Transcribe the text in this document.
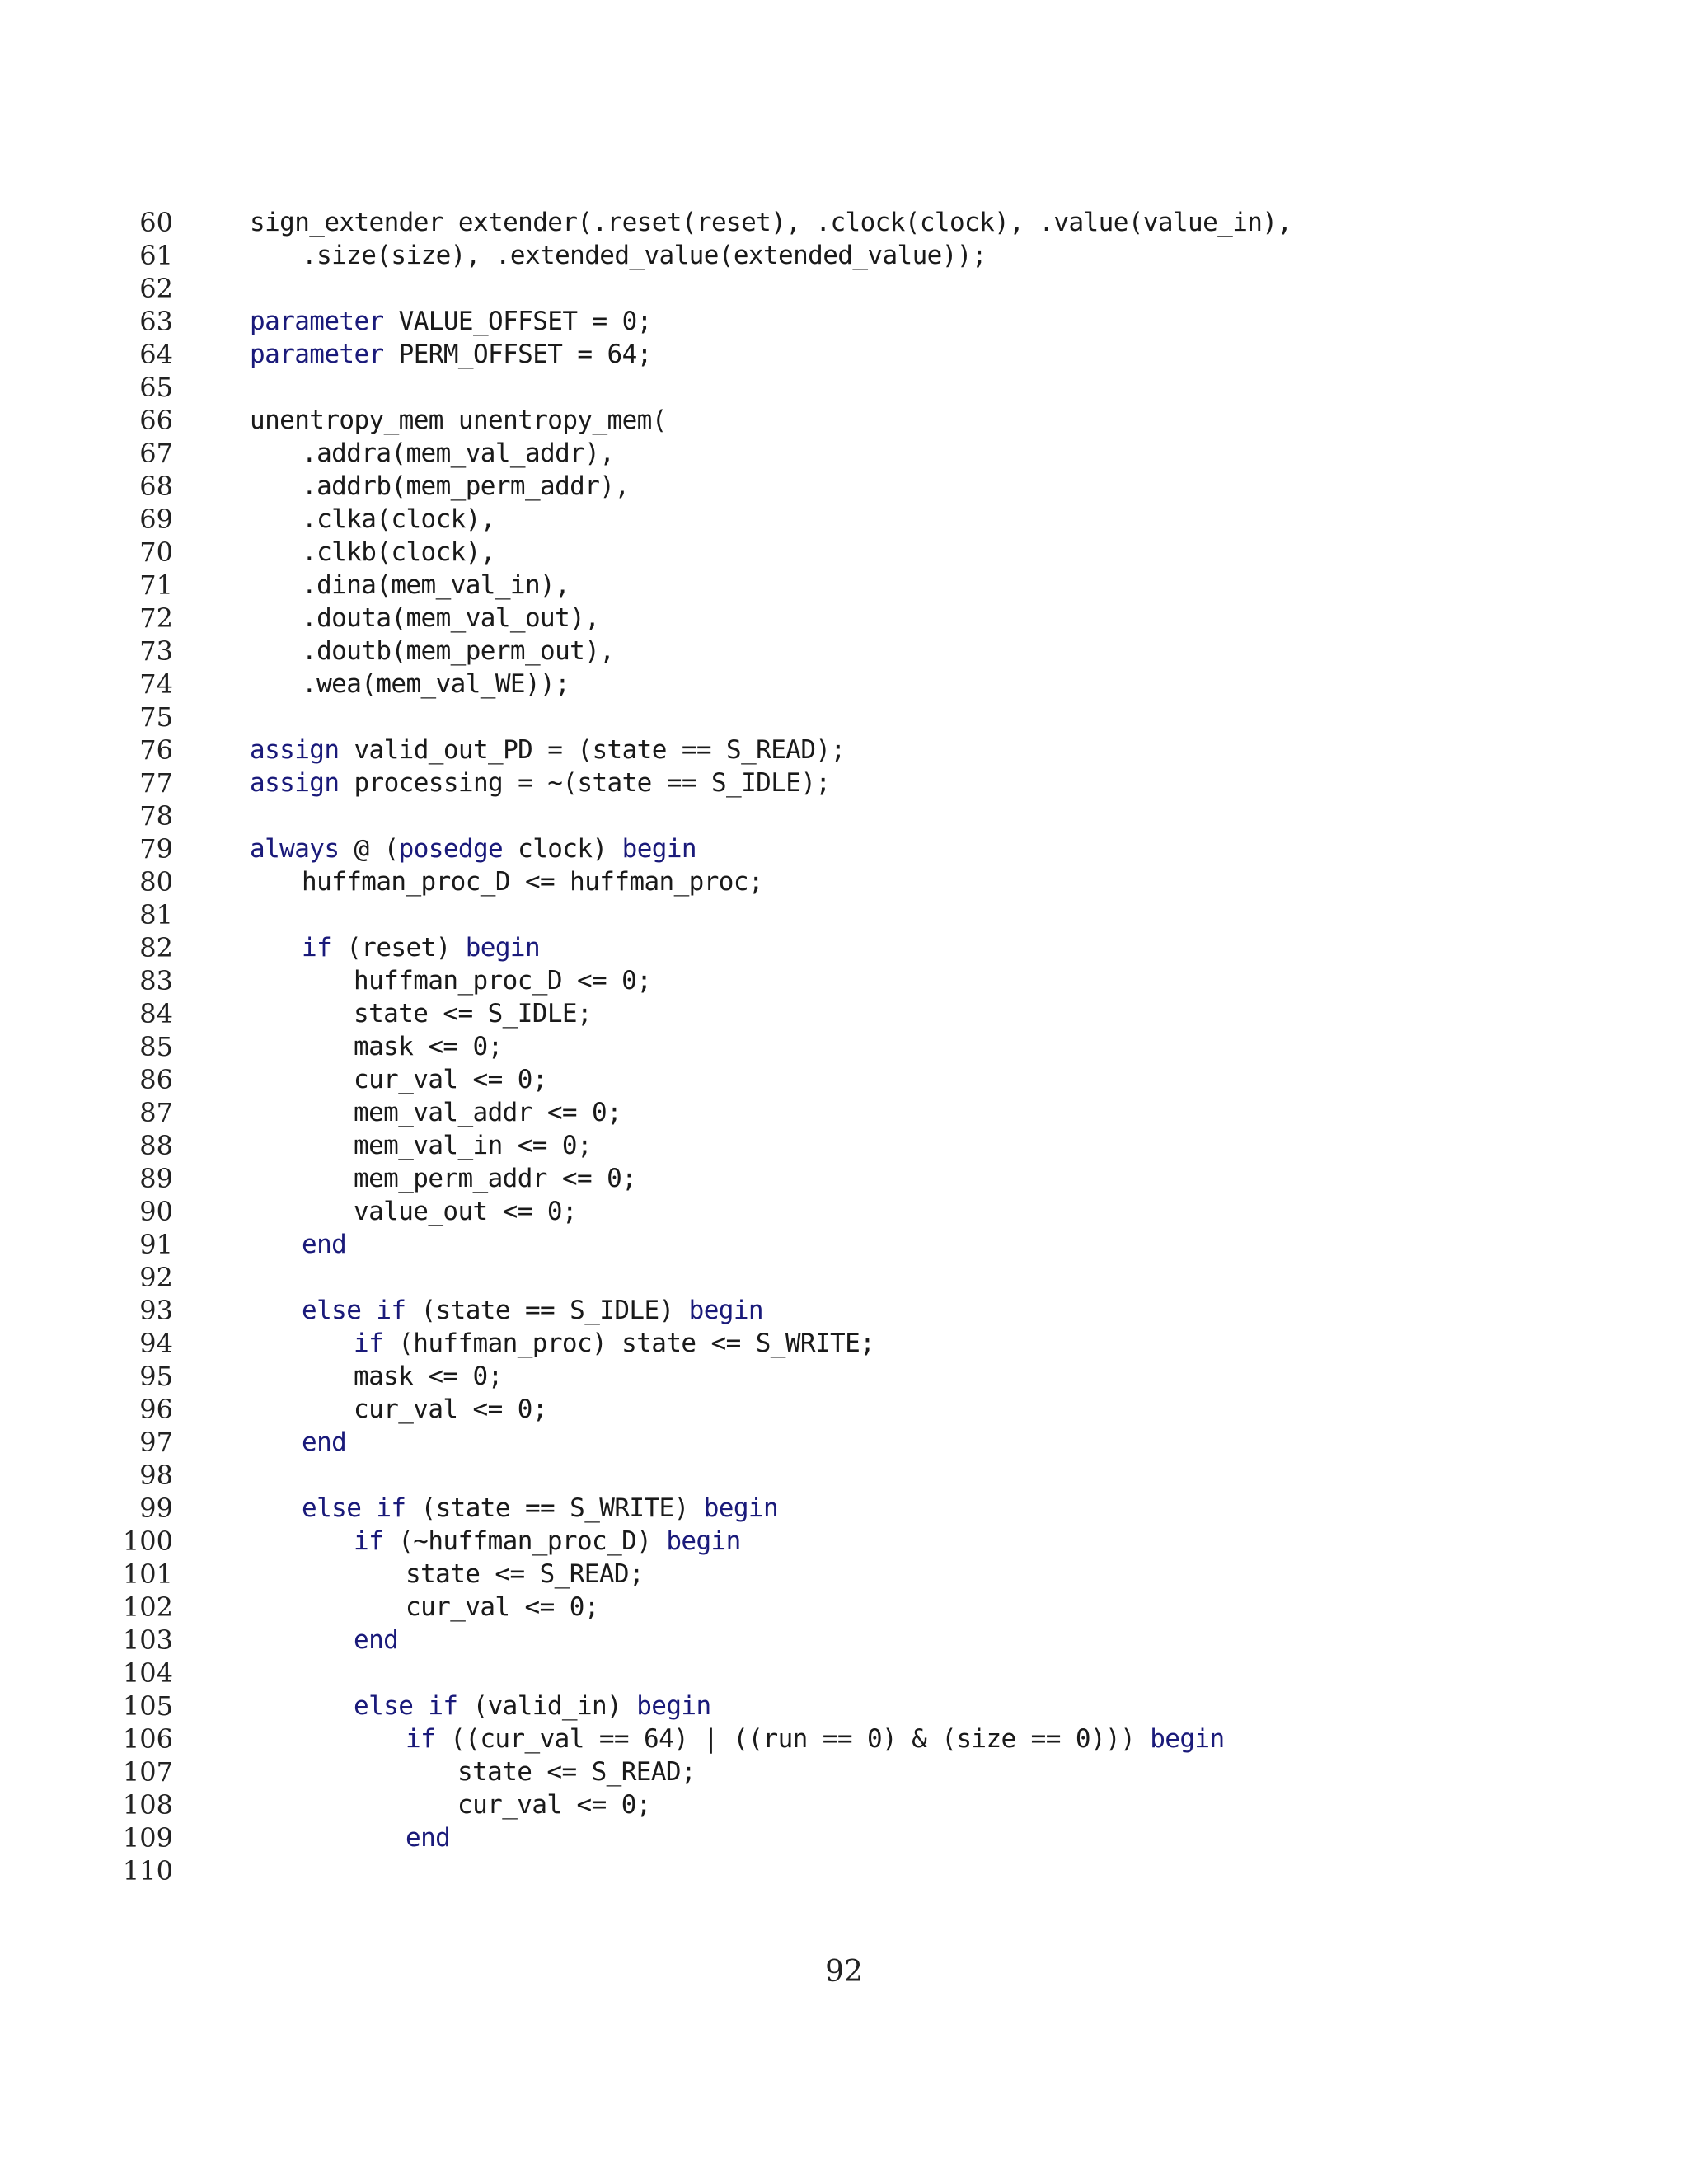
60	sign_extender extender(.reset(reset), .clock(clock), .value(value_in),
61	.size(size), .extended_value(extended_value));
62
63	parameter VALUE_OFFSET = 0;
64	parameter PERM_OFFSET = 64;
65
66	unentropy_mem unentropy_mem(
67	.addra(mem_val_addr),
68	.addrb(mem_perm_addr),
69	.clka(clock),
70	.clkb(clock),
71	.dina(mem_val_in),
72	.douta(mem_val_out),
73	.doutb(mem_perm_out),
74	.wea(mem_val_WE));
75
76	assign valid_out_PD = (state == S_READ);
77	assign processing = ~(state == S_IDLE);
78
79	always @ (posedge clock) begin
80	huffman_proc_D <= huffman_proc;
81
82	if (reset) begin
83	huffman_proc_D <= 0;
84	state <= S_IDLE;
85	mask <= 0;
86	cur_val <= 0;
87	mem_val_addr <= 0;
88	mem_val_in <= 0;
89	mem_perm_addr <= 0;
90	value_out <= 0;
91	end
92
93	else if (state == S_IDLE) begin
94	if (huffman_proc) state <= S_WRITE;
95	mask <= 0;
96	cur_val <= 0;
97	end
98
99	else if (state == S_WRITE) begin
100	if (~huffman_proc_D) begin
101	state <= S_READ;
102	cur_val <= 0;
103	end
104
105	else if (valid_in) begin
106	if ((cur_val == 64) | ((run == 0) & (size == 0))) begin
107	state <= S_READ;
108	cur_val <= 0;
109	end
110
92
